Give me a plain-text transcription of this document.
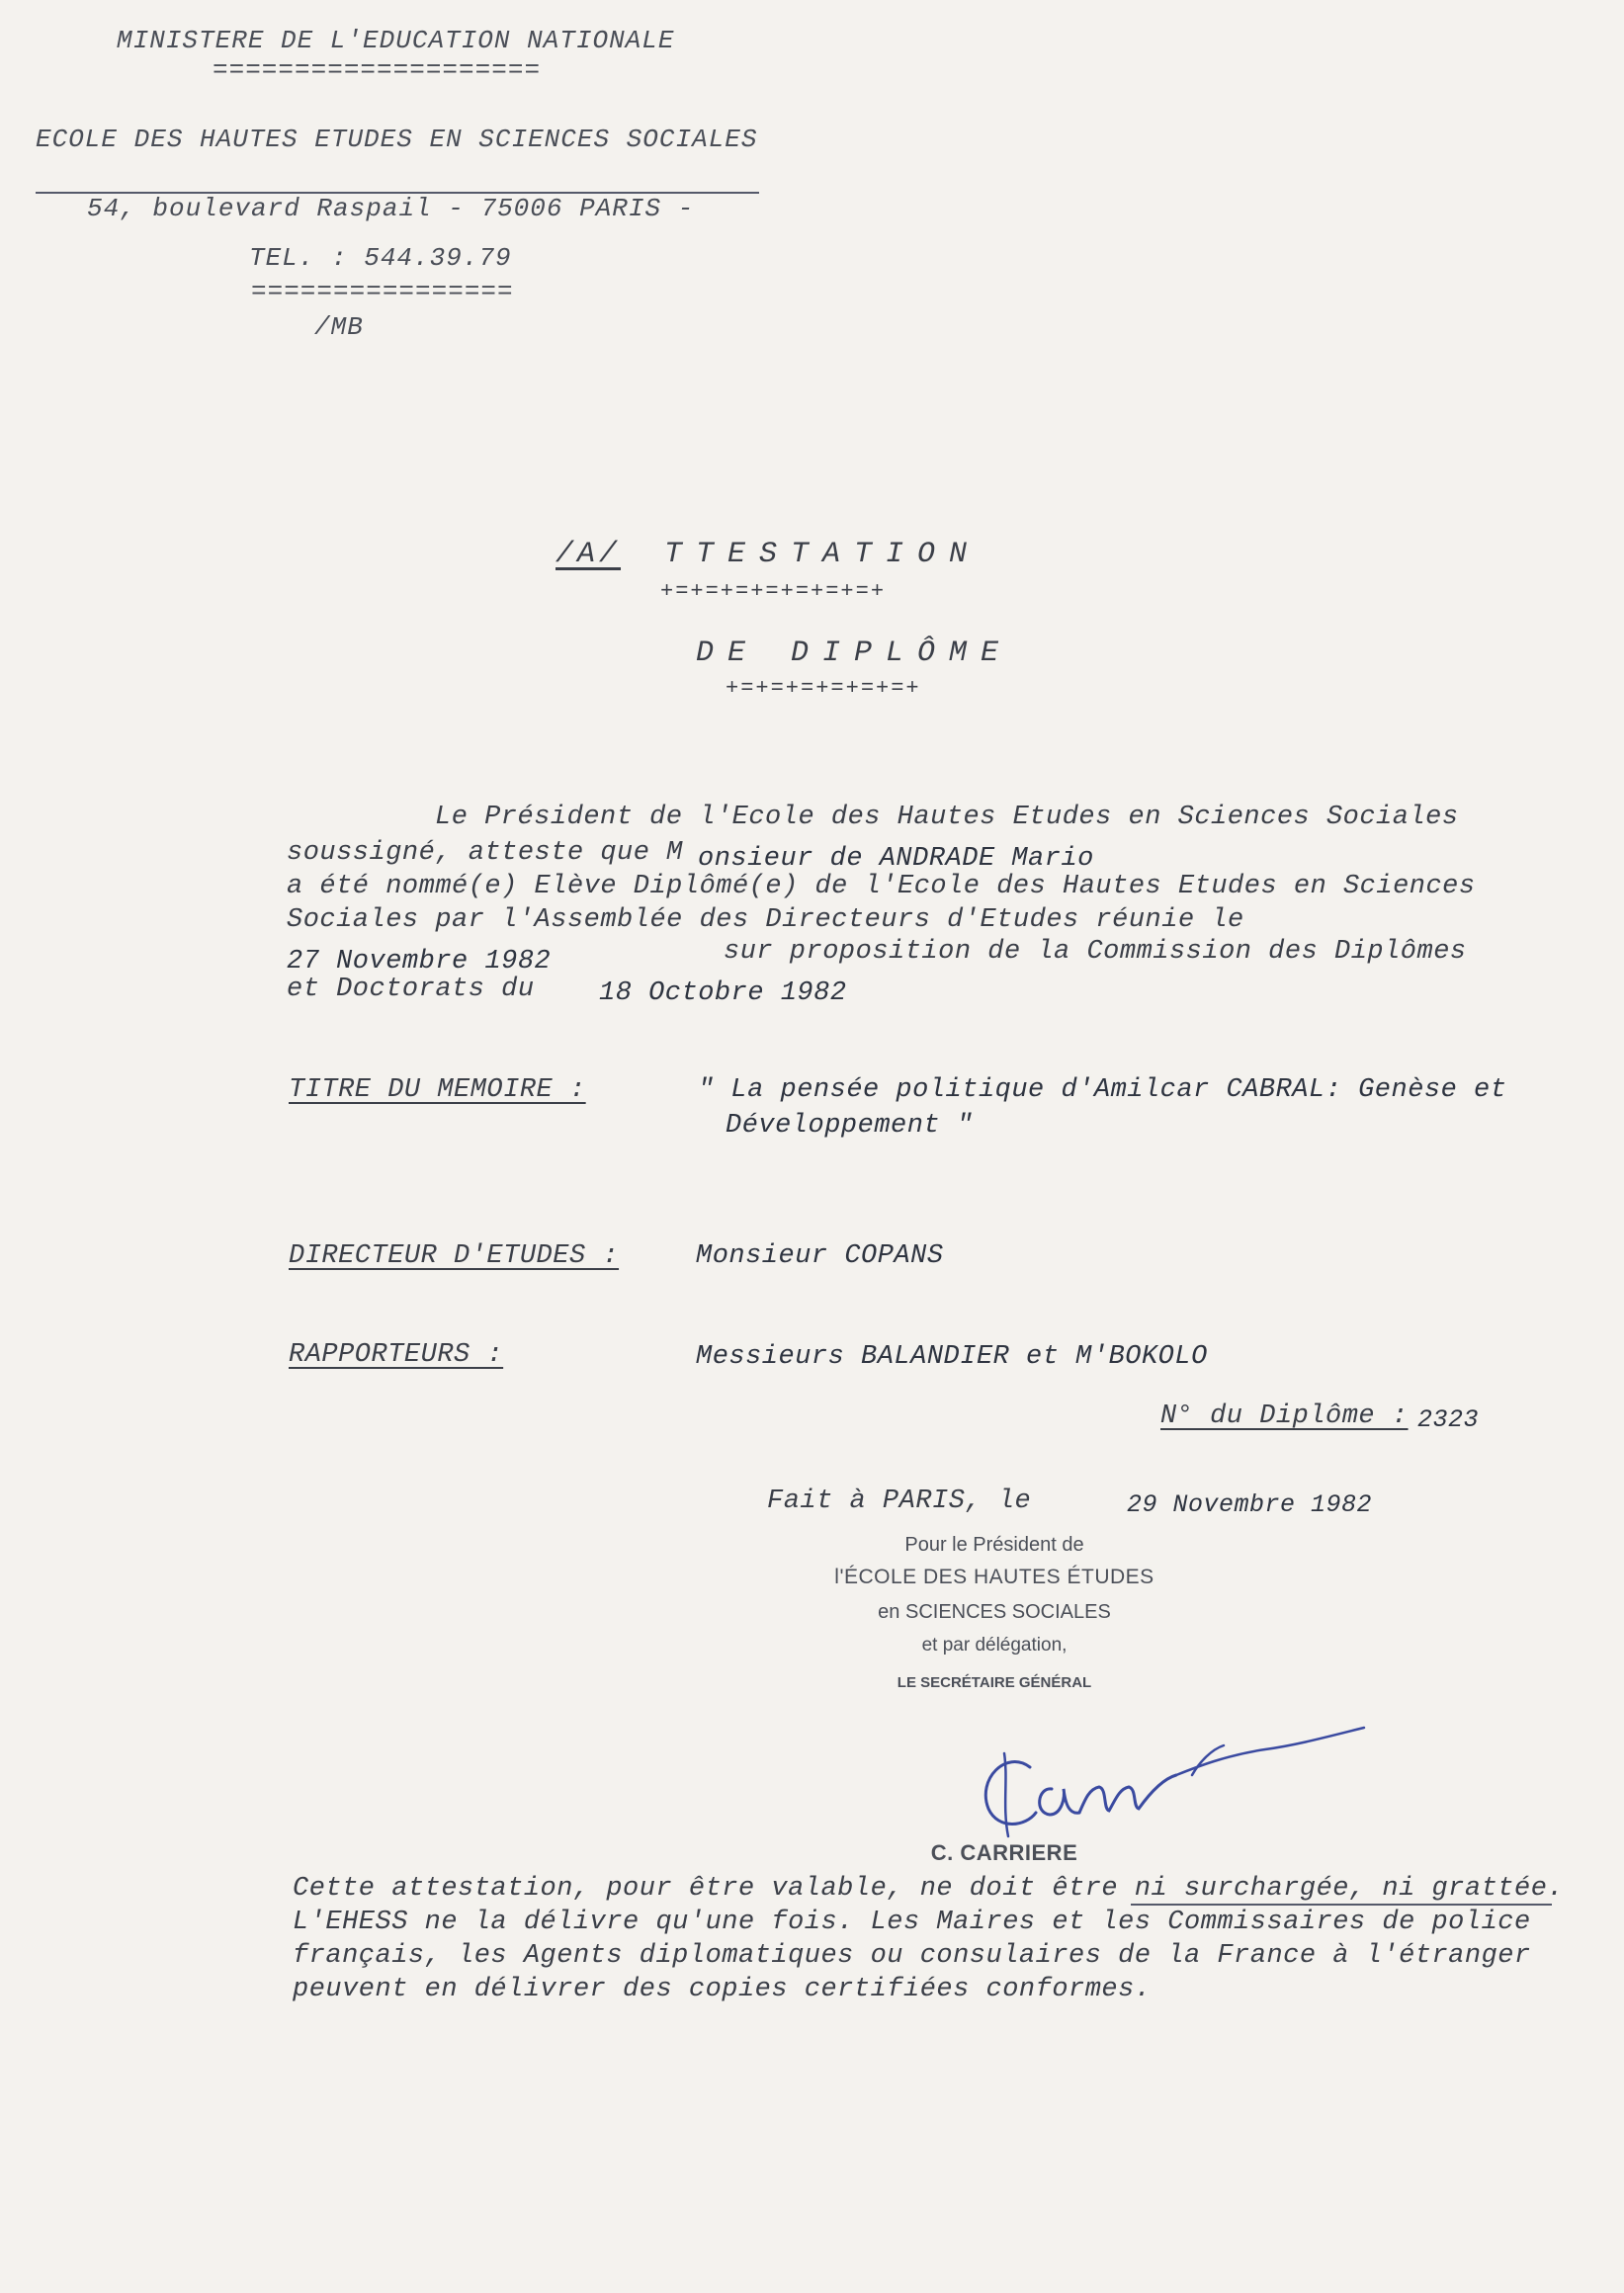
MINISTERE DE L'EDUCATION NATIONALE
====================
ECOLE DES HAUTES ETUDES EN SCIENCES SOCIALES
54, boulevard Raspail - 75006 PARIS -
TEL. : 544.39.79
================
/MB
/A/	TTESTATION
+=+=+=+=+=+=+=+
DE DIPLÔME
+=+=+=+=+=+=+
Le Président de l'Ecole des Hautes Etudes en Sciences Sociales
soussigné, atteste que M onsieur de ANDRADE Mario
a été nommé(e) Elève Diplômé(e) de l'Ecole des Hautes Etudes en Sciences
Sociales par l'Assemblée des Directeurs d'Etudes réunie le
27 Novembre 1982	sur proposition de la Commission des Diplômes
et Doctorats du 18 Octobre 1982
TITRE DU MEMOIRE :	" La pensée politique d'Amilcar CABRAL: Genèse et
Développement "
DIRECTEUR D'ETUDES :	Monsieur COPANS
RAPPORTEURS :	Messieurs BALANDIER et M'BOKOLO
N° du Diplôme : 2323
Fait à PARIS, le	29 Novembre 1982
Pour le Président de
l'ÉCOLE DES HAUTES ÉTUDES
en SCIENCES SOCIALES
et par délégation,
LE SECRÉTAIRE GÉNÉRAL
C. CARRIERE
Cette attestation, pour être valable, ne doit être ni surchargée, ni grattée.
L'EHESS ne la délivre qu'une fois. Les Maires et les Commissaires de police
français, les Agents diplomatiques ou consulaires de la France à l'étranger
peuvent en délivrer des copies certifiées conformes.
